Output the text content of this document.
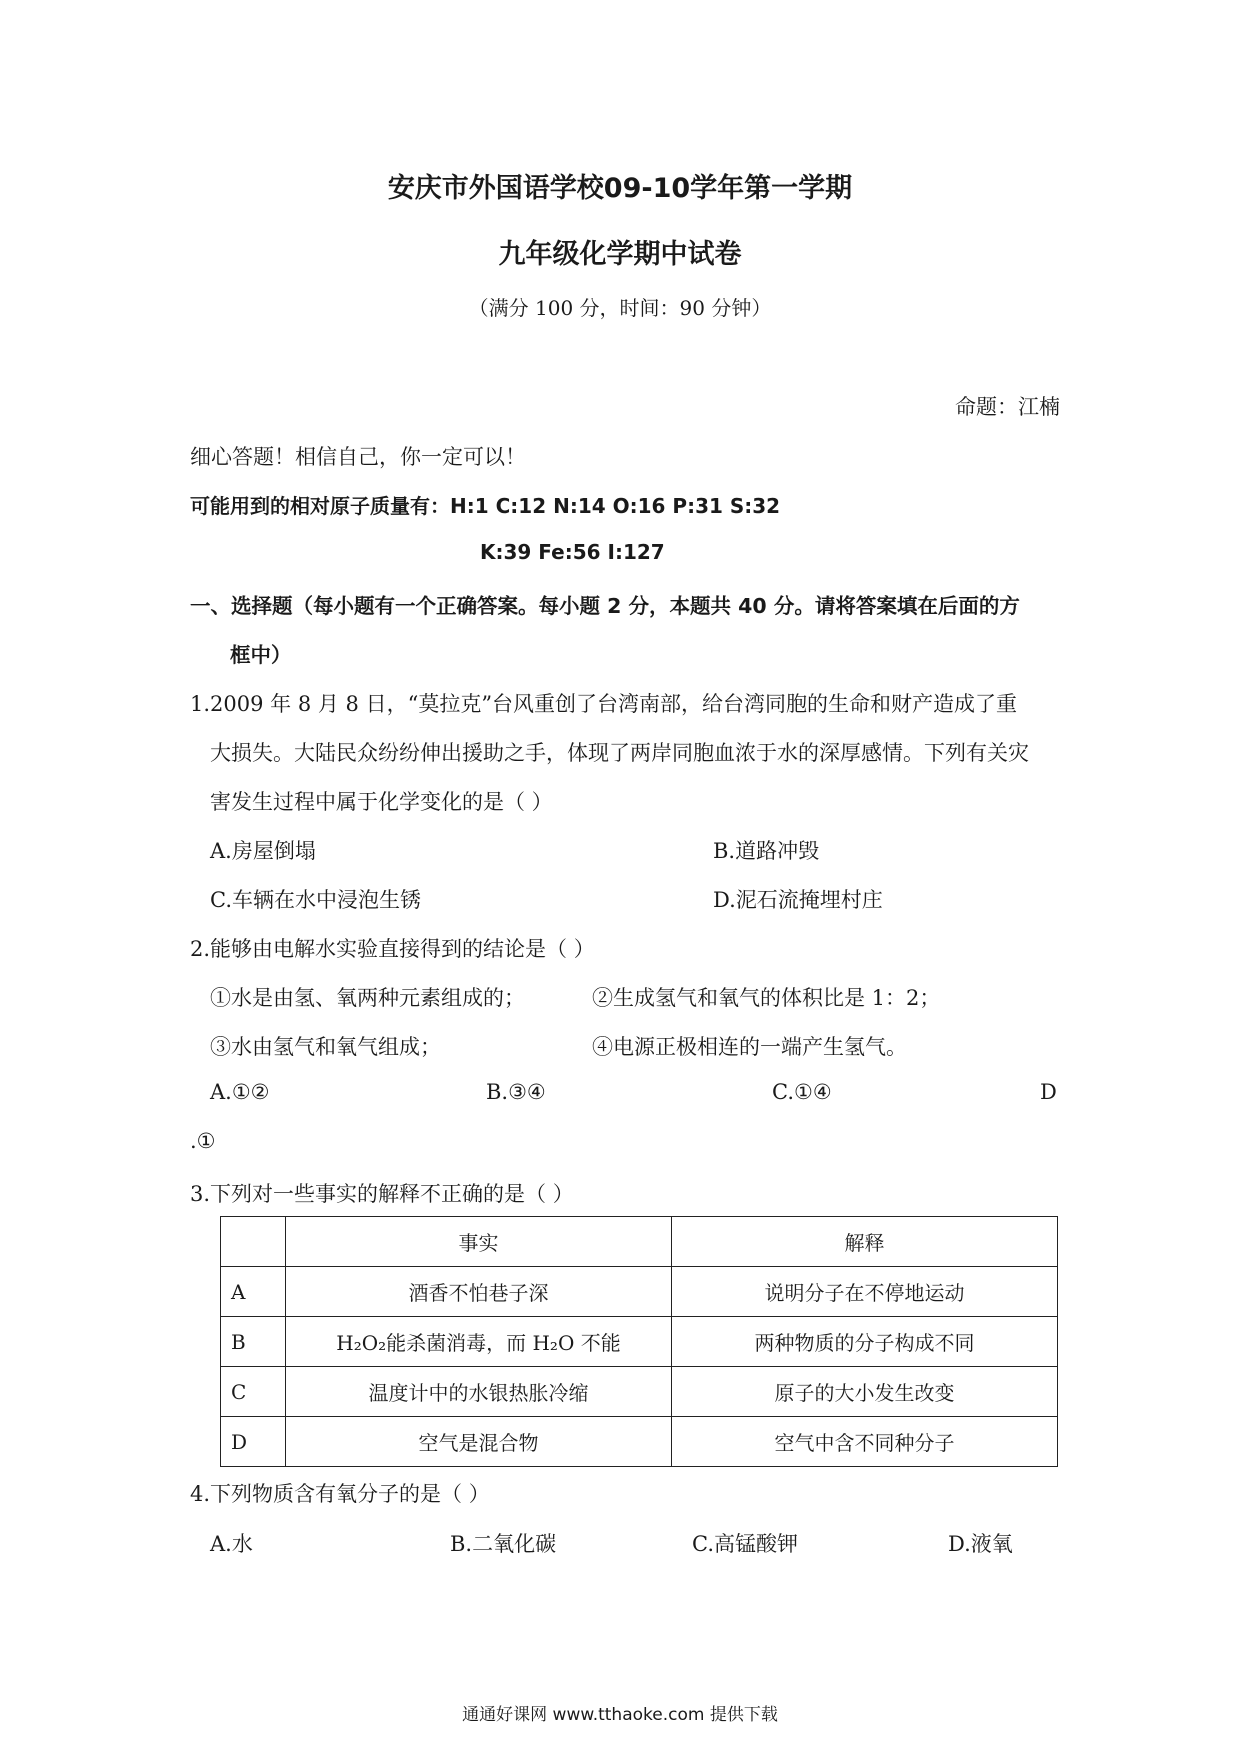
安庆市外国语学校09-10学年第一学期
九年级化学期中试卷
（满分 100 分，时间：90 分钟）
命题：江楠
细心答题！相信自己，你一定可以！
可能用到的相对原子质量有：H:1 C:12 N:14 O:16 P:31 S:32
K:39 Fe:56 I:127
一、选择题（每小题有一个正确答案。每小题 2 分，本题共 40 分。请将答案填在后面的方
框中）
1.2009 年 8 月 8 日，“莫拉克”台风重创了台湾南部，给台湾同胞的生命和财产造成了重
大损失。大陆民众纷纷伸出援助之手，体现了两岸同胞血浓于水的深厚感情。下列有关灾
害发生过程中属于化学变化的是（ ）
A.房屋倒塌	B.道路冲毁
C.车辆在水中浸泡生锈	D.泥石流掩埋村庄
2.能够由电解水实验直接得到的结论是（ ）
①水是由氢、氧两种元素组成的；	②生成氢气和氧气的体积比是 1：2；
③水由氢气和氧气组成；	④电源正极相连的一端产生氢气。
A.①②	B.③④	C.①④	D
.①
3.下列对一些事实的解释不正确的是（ ）
	事实	解释
A	酒香不怕巷子深	说明分子在不停地运动
B	H₂O₂能杀菌消毒，而 H₂O 不能	两种物质的分子构成不同
C	温度计中的水银热胀冷缩	原子的大小发生改变
D	空气是混合物	空气中含不同种分子
4.下列物质含有氧分子的是（ ）
A.水	B.二氧化碳	C.高锰酸钾	D.液氧
通通好课网 www.tthaoke.com 提供下载
